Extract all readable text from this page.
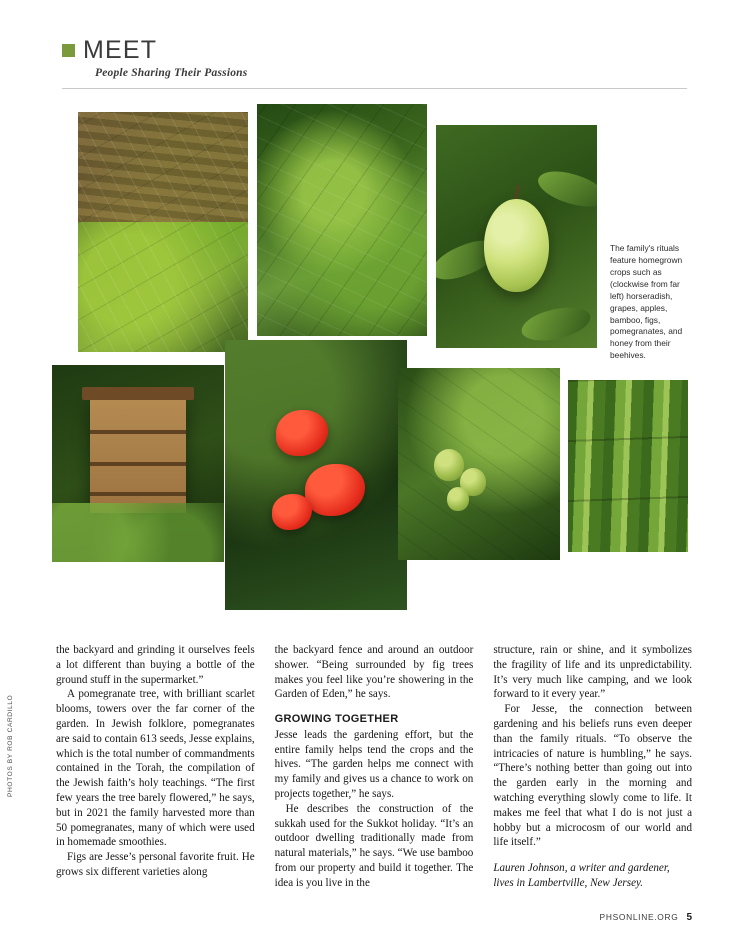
MEET
People Sharing Their Passions
The family's rituals feature homegrown crops such as (clockwise from far left) horseradish, grapes, apples, bamboo, figs, pomegranates, and honey from their beehives.
PHOTOS BY ROB CARDILLO

the backyard and grinding it ourselves feels a lot different than buying a bottle of the ground stuff in the supermarket.”

A pomegranate tree, with brilliant scarlet blooms, towers over the far corner of the garden. In Jewish folklore, pomegranates are said to contain 613 seeds, Jesse explains, which is the total number of commandments contained in the Torah, the compilation of the Jewish faith’s holy teachings. “The first few years the tree barely flowered,” he says, but in 2021 the family harvested more than 50 pomegranates, many of which were used in homemade smoothies.

Figs are Jesse’s personal favorite fruit. He grows six different varieties along

the backyard fence and around an outdoor shower. “Being surrounded by fig trees makes you feel like you’re showering in the Garden of Eden,” he says.

GROWING TOGETHER

Jesse leads the gardening effort, but the entire family helps tend the crops and the hives. “The garden helps me connect with my family and gives us a chance to work on projects together,” he says.

He describes the construction of the sukkah used for the Sukkot holiday. “It’s an outdoor dwelling traditionally made from natural materials,” he says. “We use bamboo from our property and build it together. The idea is you live in the

structure, rain or shine, and it symbolizes the fragility of life and its unpredictability. It’s very much like camping, and we look forward to it every year.”

For Jesse, the connection between gardening and his beliefs runs even deeper than the family rituals. “To observe the intricacies of nature is humbling,” he says. “There’s nothing better than going out into the garden early in the morning and watching everything slowly come to life. It makes me feel that what I do is not just a hobby but a microcosm of our world and life itself.”

Lauren Johnson, a writer and gardener, lives in Lambertville, New Jersey.

PHSONLINE.ORG 5
